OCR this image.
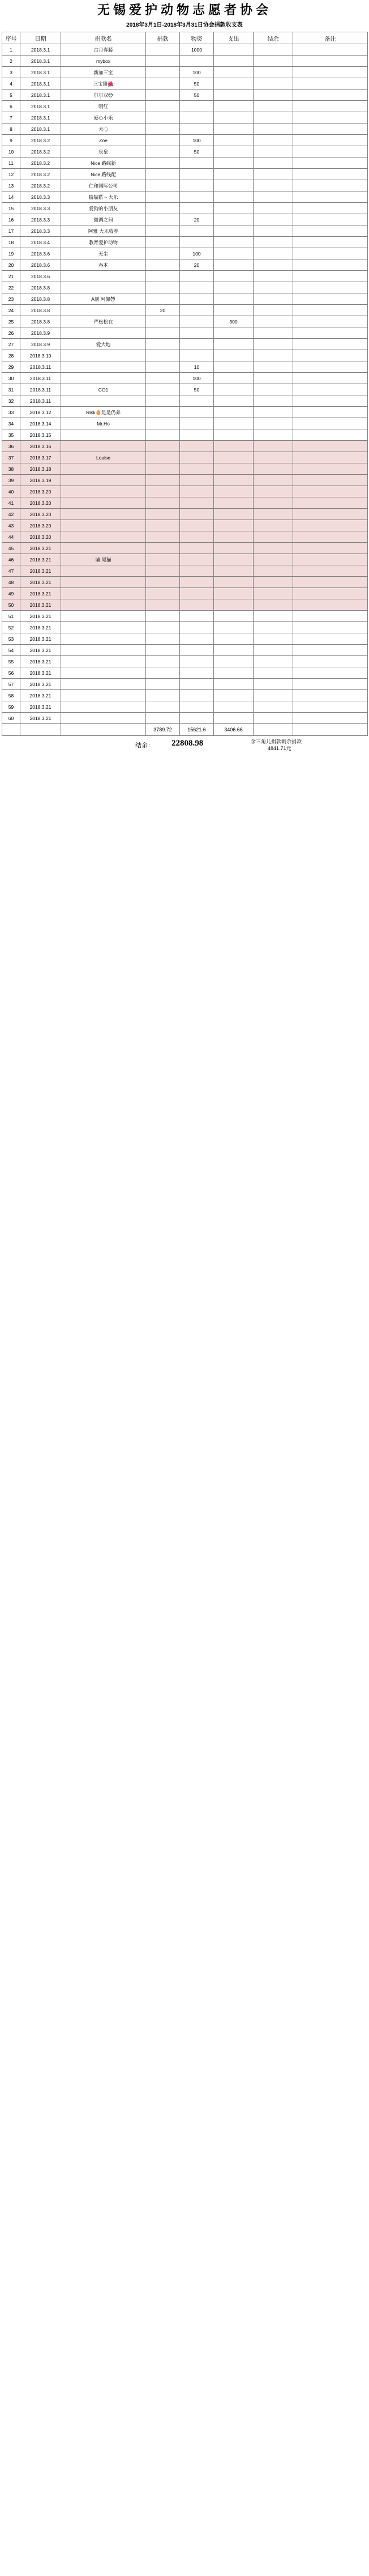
无锡爱护动物志愿者协会
2018年3月1日-2018年3月31日协会捐款收支表
序号	日期	捐款名	捐款	物资	支出	结余	备注
1	2018.3.1	古月春藤		1000			
2	2018.3.1	mybox					
3	2018.3.1	新加三宝		100			
4	2018.3.1	三宝猫🌺		50			
5	2018.3.1	尔尔双😊		50			
6	2018.3.1	明红					
7	2018.3.1	爱心小乐					
8	2018.3.1	犬心					
9	2018.3.2	Zoe		100			
10	2018.3.2	泉泉		50			
11	2018.3.2	Nice 路线新					
12	2018.3.2	Nice 路线配					
13	2018.3.2	仁和国际公司					
14	2018.3.3	猫猫猫 ~ 大乐					
15	2018.3.3	爱狗的小朋友					
16	2018.3.3	微调之间		20			
17	2018.3.3	阿雅 大乐收养					
18	2018.3.4	教育爱护动物					
19	2018.3.6	无尘		100			
20	2018.3.6	吞本		20			
21	2018.3.6						
22	2018.3.8						
23	2018.3.8	A别 阿佩😈					
24	2018.3.8		20				
25	2018.3.8	严松松在			300		
26	2018.3.9						
27	2018.3.9	爱大地					
28	2018.3.10						
29	2018.3.11			10			
30	2018.3.11			100			
31	2018.3.11	CO1		50			
32	2018.3.11						
33	2018.3.12	Rikk🥚是是仍养					
34	2018.3.14	Mr.Ho					
35	2018.3.15						
36	2018.3.16						
37	2018.3.17	Louise					
38	2018.3.18						
39	2018.3.19						
40	2018.3.20						
41	2018.3.20						
42	2018.3.20						
43	2018.3.20						
44	2018.3.20						
45	2018.3.21						
46	2018.3.21	喵 尾猫					
47	2018.3.21						
48	2018.3.21						
49	2018.3.21						
50	2018.3.21						
51	2018.3.21						
52	2018.3.21						
53	2018.3.21						
54	2018.3.21						
55	2018.3.21						
56	2018.3.21						
57	2018.3.21						
58	2018.3.21						
59	2018.3.21						
60	2018.3.21						
			3789.72	15621.6	3406.66		
结余： 22808.98	余三角儿捐款剩余捐款
4841.71元
